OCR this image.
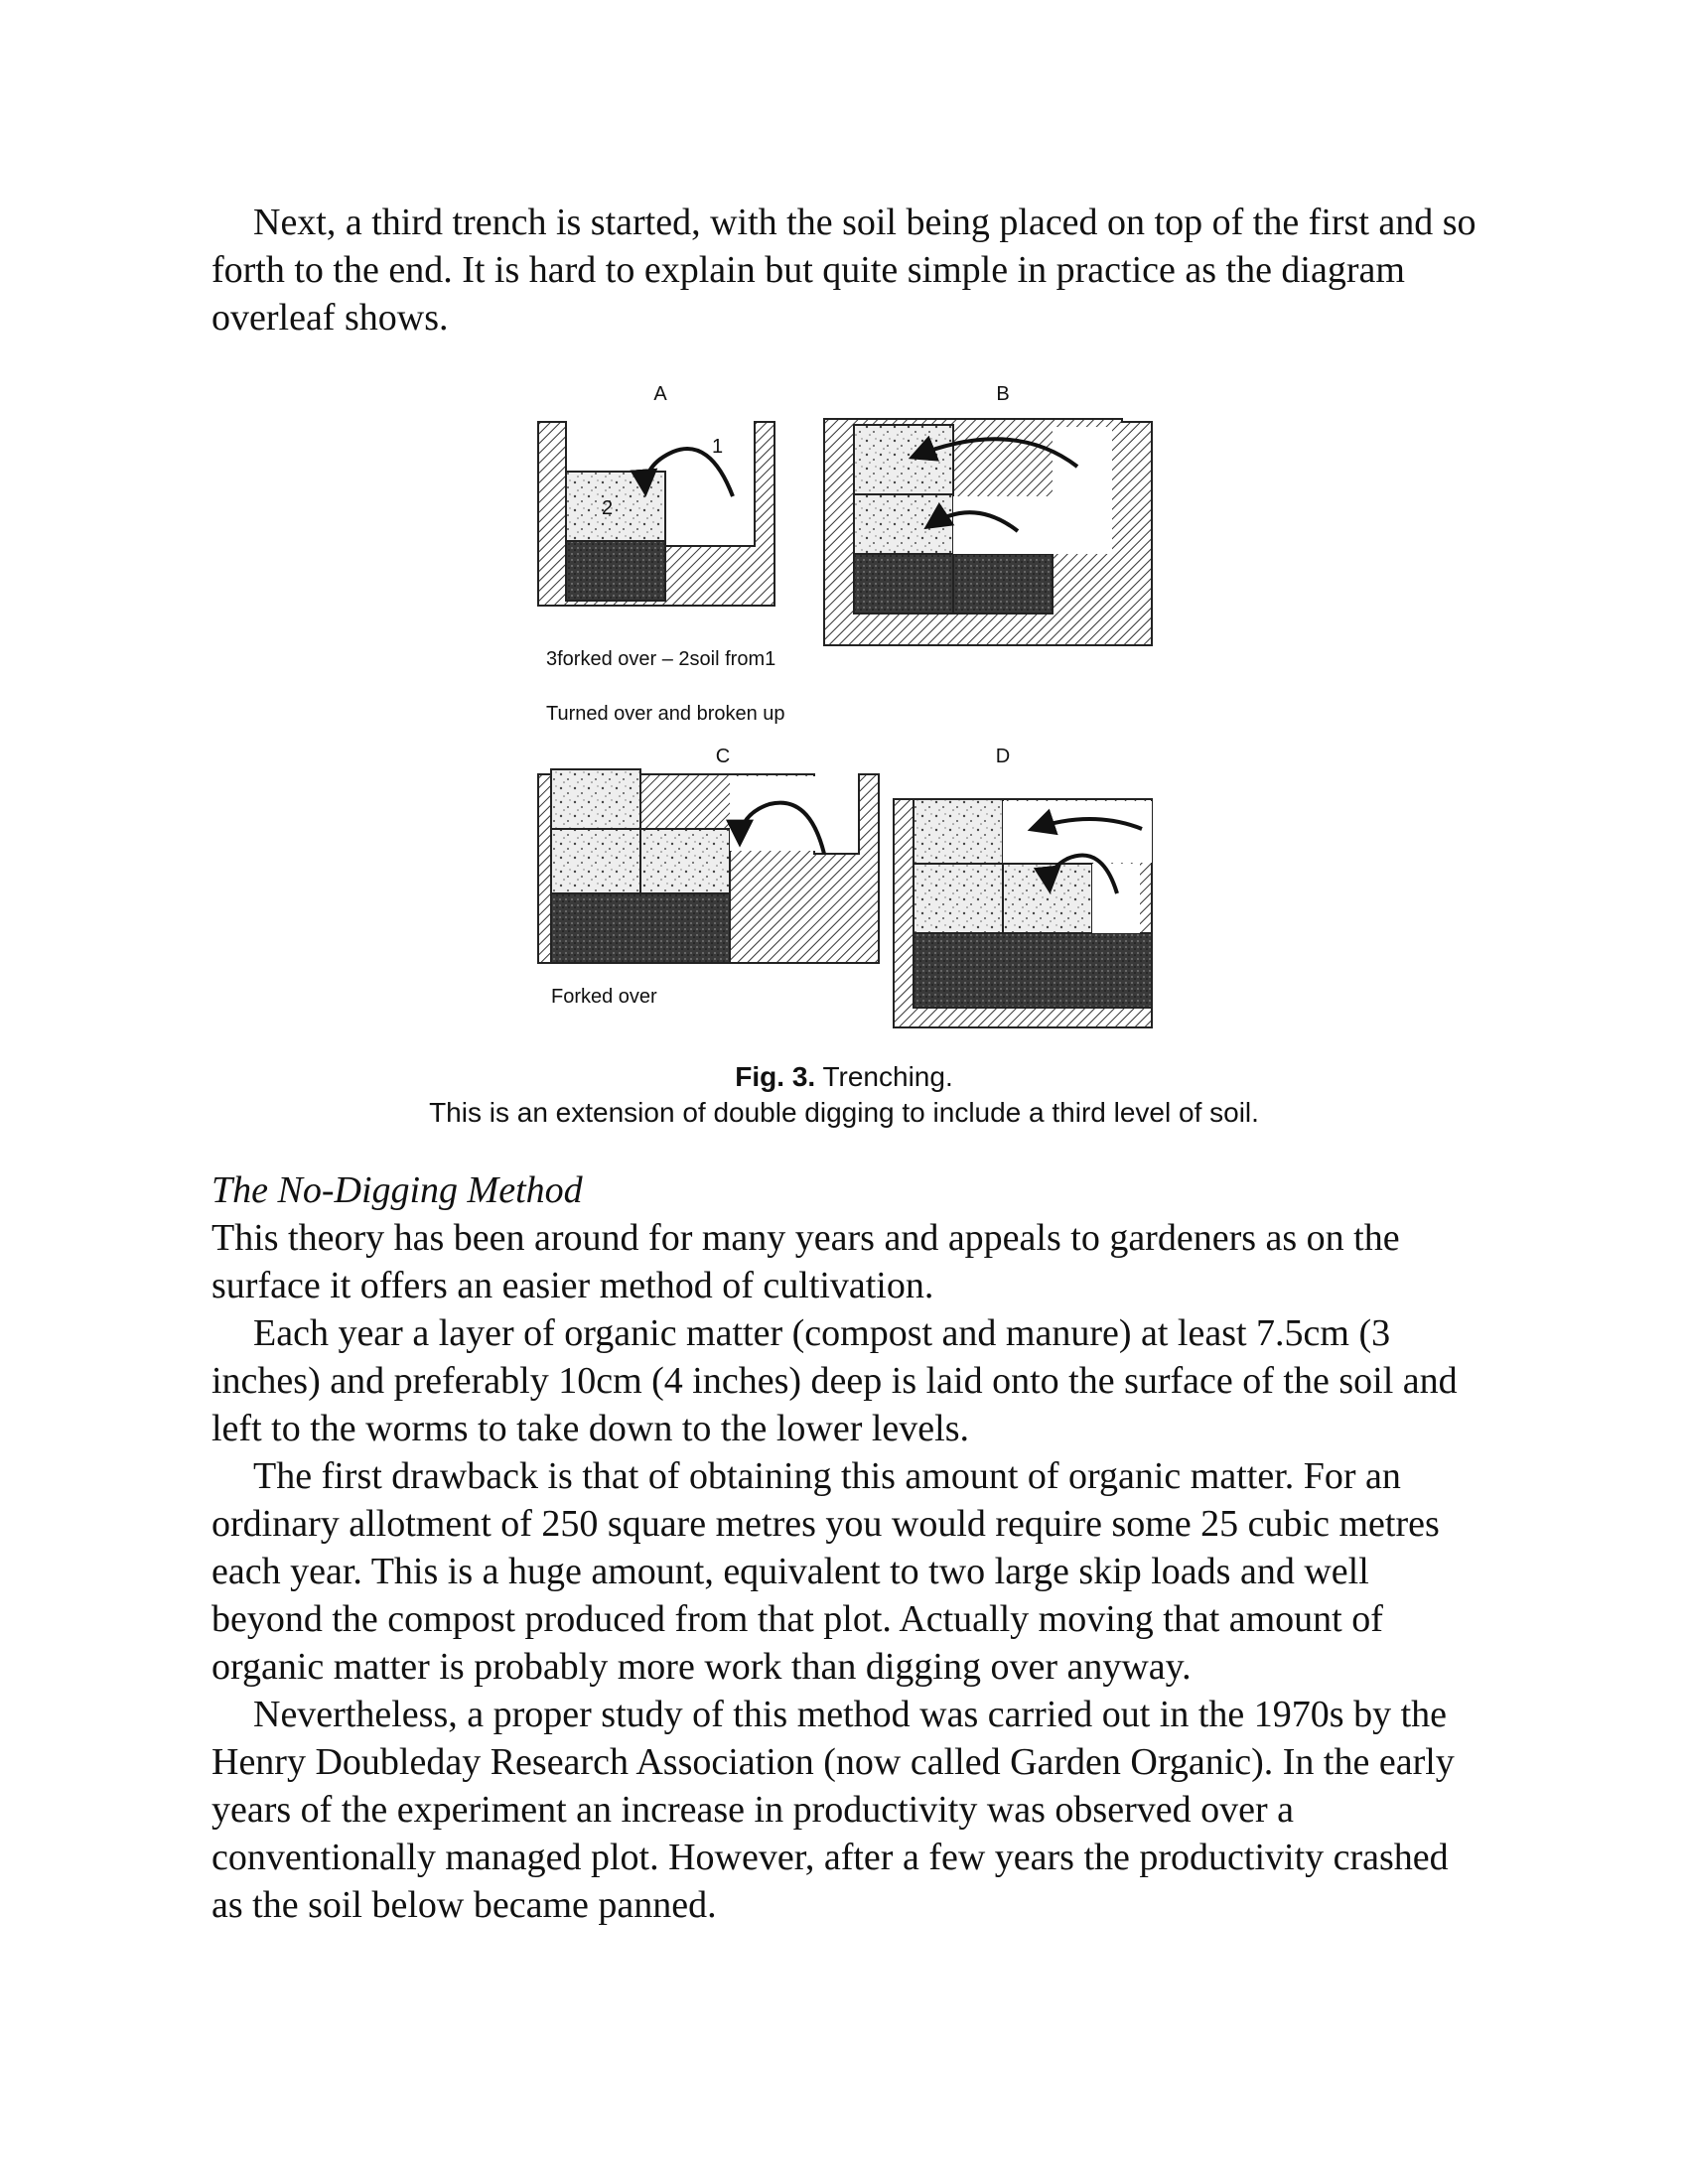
Next, a third trench is started, with the soil being placed on top of the first and so forth to the end. It is hard to explain but quite simple in practice as the diagram overleaf shows.

A
1
2
B
3forked over – 2soil from1
Turned over and broken up
C
Forked over
D
Fig. 3. Trenching.
This is an extension of double digging to include a third level of soil.

The No-Digging Method

This theory has been around for many years and appeals to gardeners as on the surface it offers an easier method of cultivation.

Each year a layer of organic matter (compost and manure) at least 7.5cm (3 inches) and preferably 10cm (4 inches) deep is laid onto the surface of the soil and left to the worms to take down to the lower levels.

The first drawback is that of obtaining this amount of organic matter. For an ordinary allotment of 250 square metres you would require some 25 cubic metres each year. This is a huge amount, equivalent to two large skip loads and well beyond the compost produced from that plot. Actually moving that amount of organic matter is probably more work than digging over anyway.

Nevertheless, a proper study of this method was carried out in the 1970s by the Henry Doubleday Research Association (now called Garden Organic). In the early years of the experiment an increase in productivity was observed over a conventionally managed plot. However, after a few years the productivity crashed as the soil below became panned.
